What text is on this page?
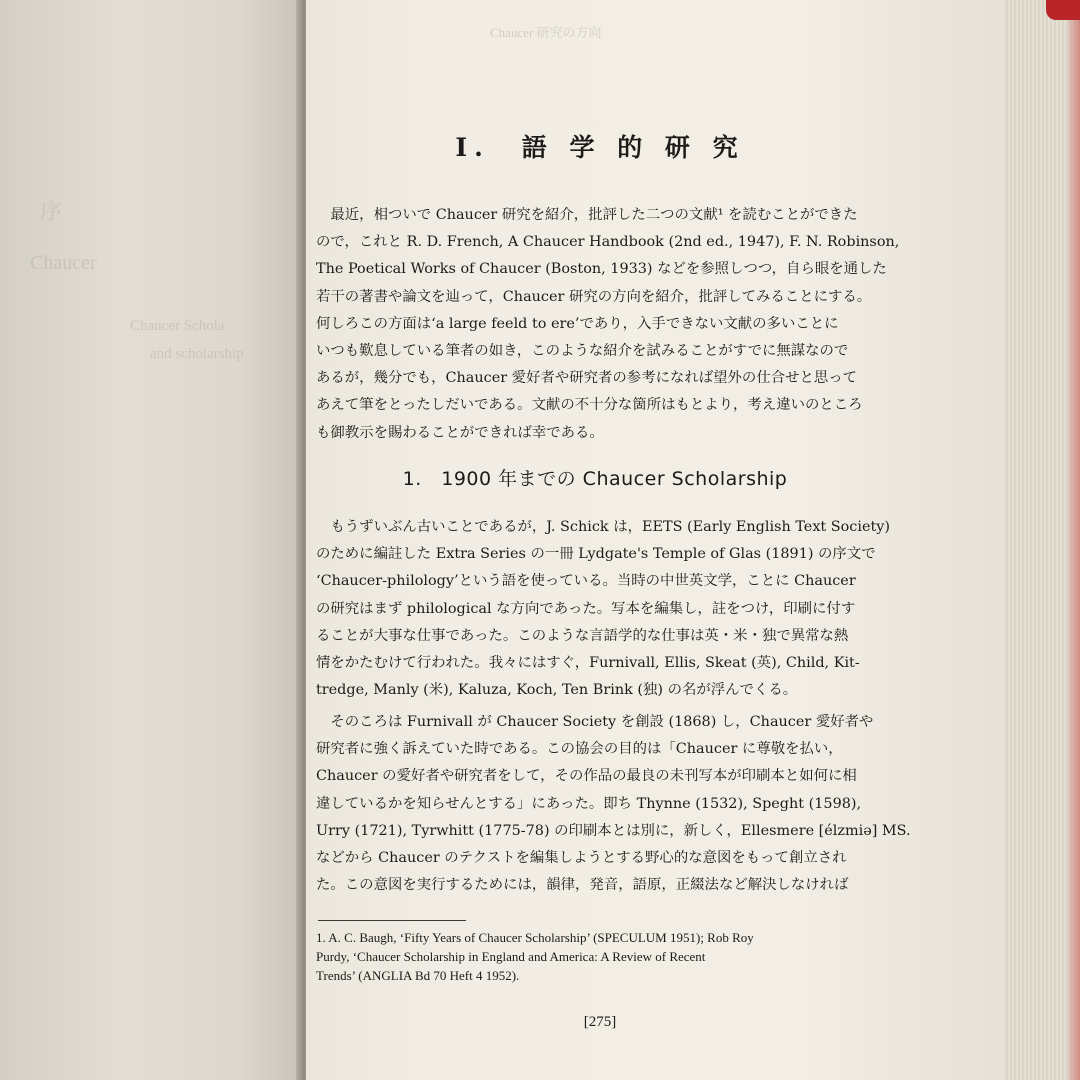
序
Chaucer
Chaucer Schola
and scholarship
Chaucer 研究の方向
I.　語 学 的 研 究
　最近，相ついで Chaucer 研究を紹介，批評した二つの文献¹ を読むことができた
ので，これと R. D. French, A Chaucer Handbook (2nd ed., 1947), F. N. Robinson,
The Poetical Works of Chaucer (Boston, 1933) などを参照しつつ，自ら眼を通した
若干の著書や論文を辿って，Chaucer 研究の方向を紹介，批評してみることにする。
何しろこの方面は‘a large feeld to ere’であり，入手できない文献の多いことに
いつも歎息している筆者の如き，このような紹介を試みることがすでに無謀なので
あるが，幾分でも，Chaucer 愛好者や研究者の参考になれば望外の仕合せと思って
あえて筆をとったしだいである。文献の不十分な箇所はもとより，考え違いのところ
も御教示を賜わることができれば幸である。
1.　1900 年までの Chaucer Scholarship
　もうずいぶん古いことであるが，J. Schick は，EETS (Early English Text Society)
のために編註した Extra Series の一冊 Lydgate's Temple of Glas (1891) の序文で
‘Chaucer-philology’という語を使っている。当時の中世英文学，ことに Chaucer
の研究はまず philological な方向であった。写本を編集し，註をつけ，印刷に付す
ることが大事な仕事であった。このような言語学的な仕事は英・米・独で異常な熱
情をかたむけて行われた。我々にはすぐ，Furnivall, Ellis, Skeat (英), Child, Kit-
tredge, Manly (米), Kaluza, Koch, Ten Brink (独) の名が浮んでくる。
　そのころは Furnivall が Chaucer Society を創設 (1868) し，Chaucer 愛好者や
研究者に強く訴えていた時である。この協会の目的は「Chaucer に尊敬を払い，
Chaucer の愛好者や研究者をして，その作品の最良の未刊写本が印刷本と如何に相
違しているかを知らせんとする」にあった。即ち Thynne (1532), Speght (1598),
Urry (1721), Tyrwhitt (1775-78) の印刷本とは別に，新しく，Ellesmere [élzmiə] MS.
などから Chaucer のテクストを編集しようとする野心的な意図をもって創立され
た。この意図を実行するためには，韻律，発音，語原，正綴法など解決しなければ
1. A. C. Baugh, ‘Fifty Years of Chaucer Scholarship’ (SPECULUM 1951); Rob Roy
Purdy, ‘Chaucer Scholarship in England and America: A Review of Recent
Trends’ (ANGLIA Bd 70 Heft 4 1952).
[275]
